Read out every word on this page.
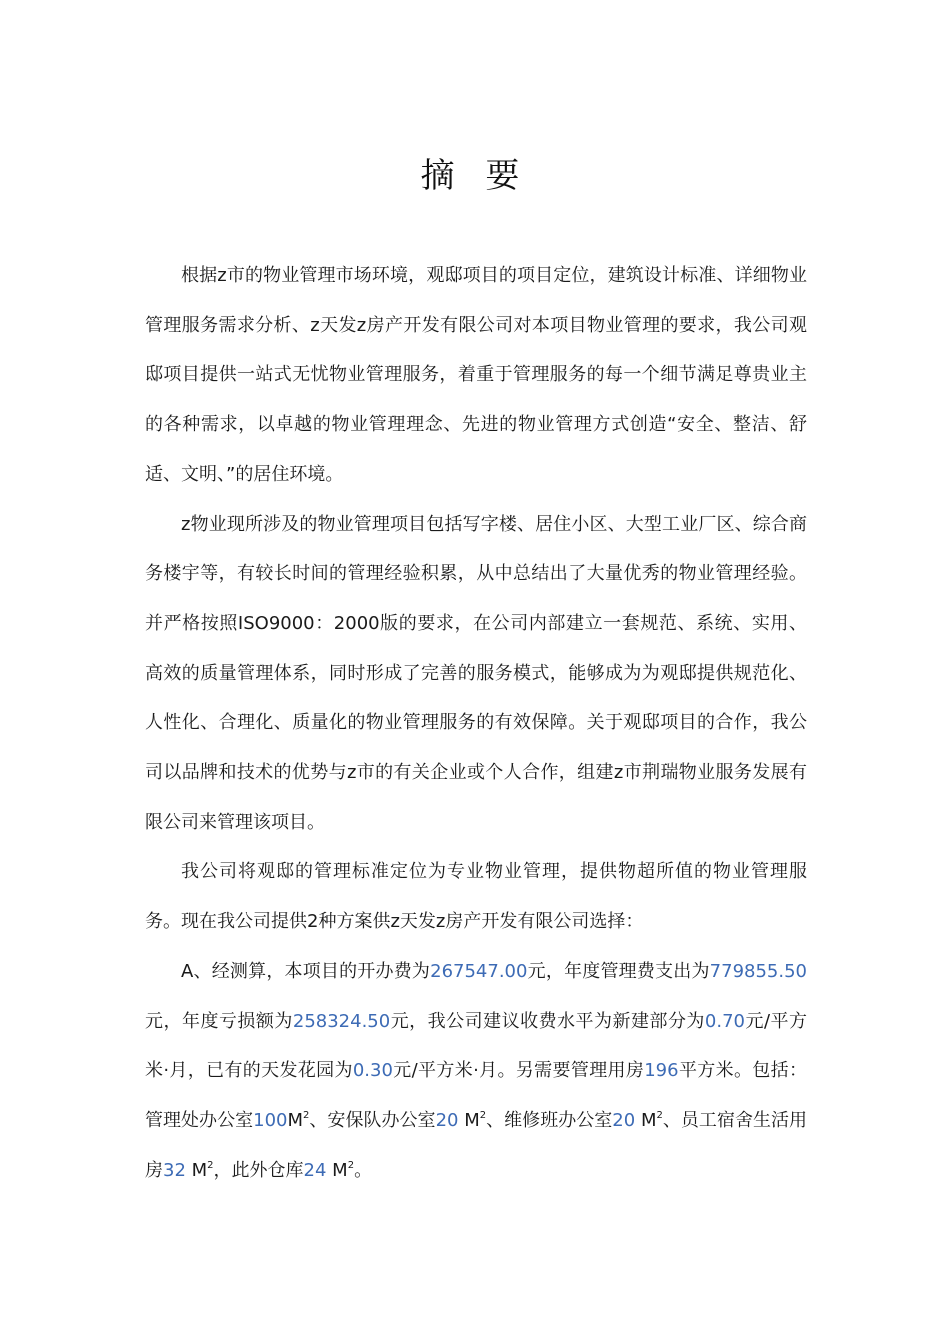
摘 要

根据z市的物业管理市场环境，观邸项目的项目定位，建筑设计标准、详细物业管理服务需求分析、z天发z房产开发有限公司对本项目物业管理的要求，我公司观邸项目提供一站式无忧物业管理服务，着重于管理服务的每一个细节满足尊贵业主的各种需求，以卓越的物业管理理念、先进的物业管理方式创造“安全、整洁、舒适、文明、”的居住环境。

z物业现所涉及的物业管理项目包括写字楼、居住小区、大型工业厂区、综合商务楼宇等，有较长时间的管理经验积累，从中总结出了大量优秀的物业管理经验。并严格按照ISO9000：2000版的要求，在公司内部建立一套规范、系统、实用、高效的质量管理体系，同时形成了完善的服务模式，能够成为为观邸提供规范化、人性化、合理化、质量化的物业管理服务的有效保障。关于观邸项目的合作，我公司以品牌和技术的优势与z市的有关企业或个人合作，组建z市荆瑞物业服务发展有限公司来管理该项目。

我公司将观邸的管理标准定位为专业物业管理，提供物超所值的物业管理服务。现在我公司提供2种方案供z天发z房产开发有限公司选择：

A、经测算，本项目的开办费为267547.00元，年度管理费支出为779855.50元，年度亏损额为258324.50元，我公司建议收费水平为新建部分为0.70元/平方米·月，已有的天发花园为0.30元/平方米·月。另需要管理用房196平方米。包括：管理处办公室$100M^2$、安保队办公室20 $M^2$、维修班办公室20 $M^2$、员工宿舍生活用房32 $M^2$，此外仓库24 $M^2$。
